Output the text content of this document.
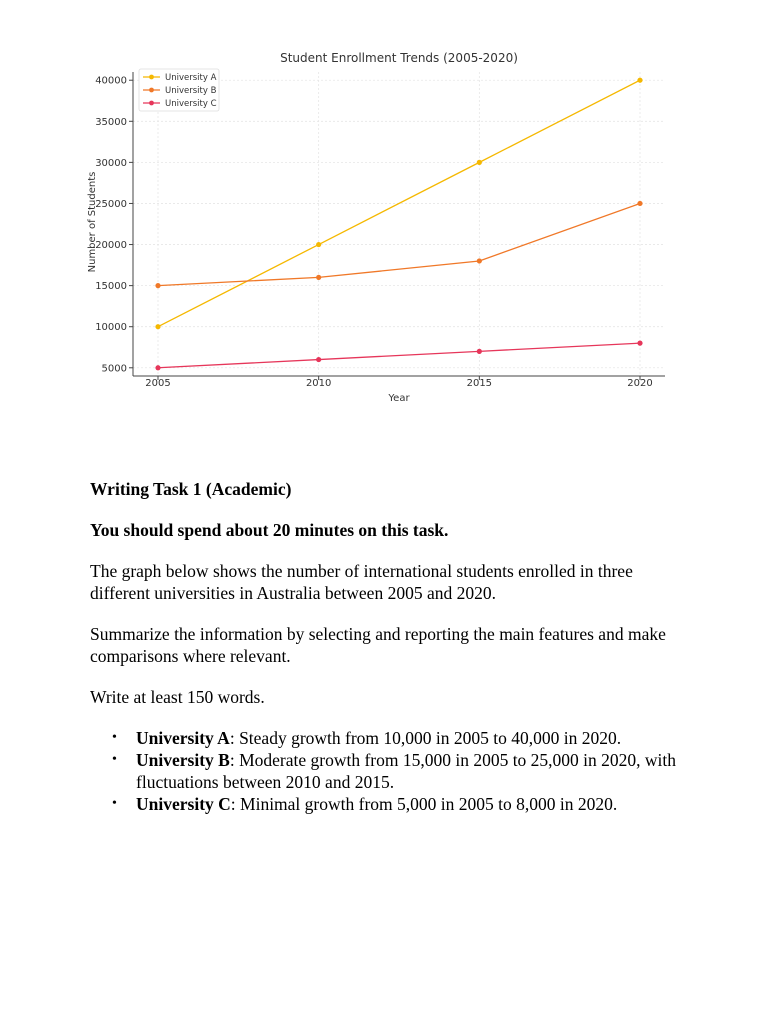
Student Enrollment Trends (2005-2020)
Year
Number of Students
5000
10000
15000
20000
25000
30000
35000
40000
2005	2010	2015	2020
University A
University B
University C

Writing Task 1 (Academic)

You should spend about 20 minutes on this task.

The graph below shows the number of international students enrolled in three different universities in Australia between 2005 and 2020.

Summarize the information by selecting and reporting the main features and make comparisons where relevant.

Write at least 150 words.

• University A: Steady growth from 10,000 in 2005 to 40,000 in 2020.
• University B: Moderate growth from 15,000 in 2005 to 25,000 in 2020, with fluctuations between 2010 and 2015.
• University C: Minimal growth from 5,000 in 2005 to 8,000 in 2020.
